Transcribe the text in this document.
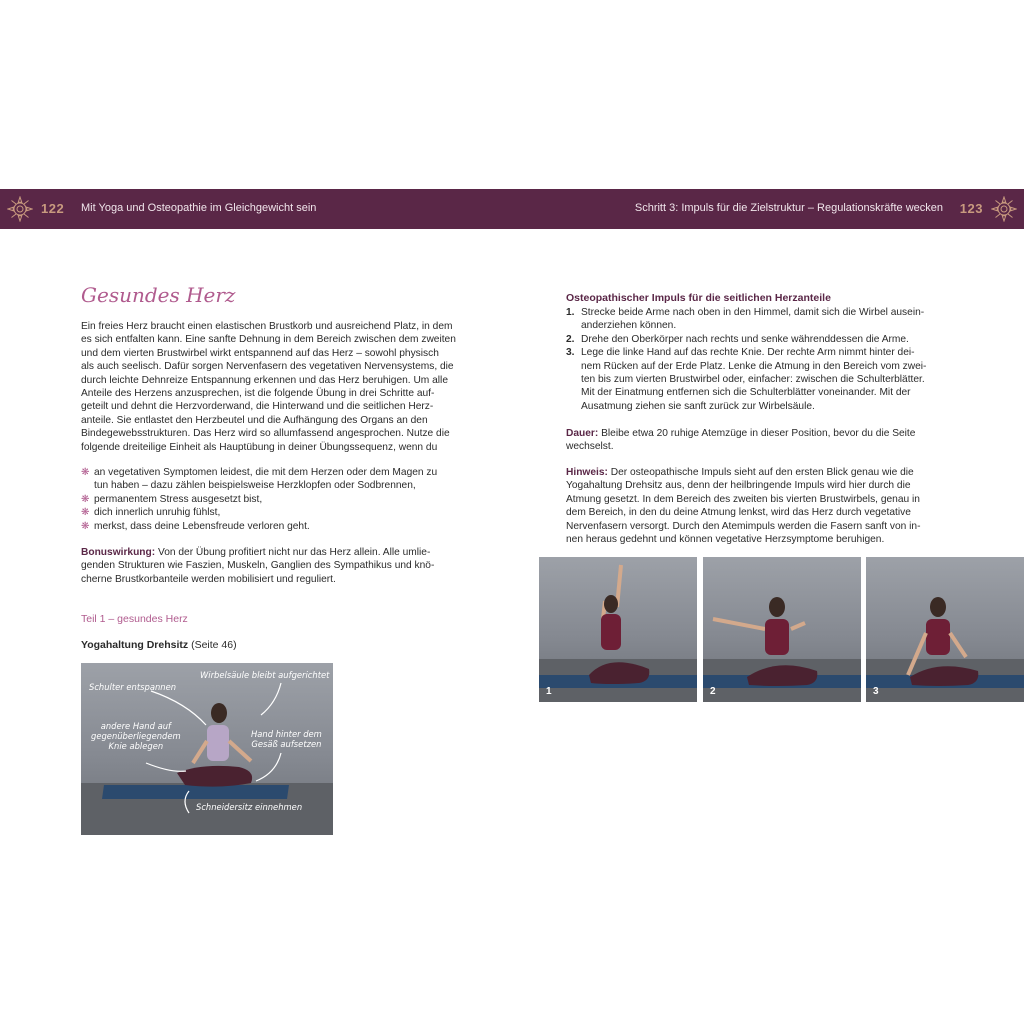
122 Mit Yoga und Osteopathie im Gleichgewicht sein	Schritt 3: Impuls für die Zielstruktur – Regulationskräfte wecken 123
Gesundes Herz

Ein freies Herz braucht einen elastischen Brustkorb und ausreichend Platz, in dem

es sich entfalten kann. Eine sanfte Dehnung in dem Bereich zwischen dem zweiten

und dem vierten Brustwirbel wirkt entspannend auf das Herz – sowohl physisch

als auch seelisch. Dafür sorgen Nervenfasern des vegetativen Nervensystems, die

durch leichte Dehnreize Entspannung erkennen und das Herz beruhigen. Um alle

Anteile des Herzens anzusprechen, ist die folgende Übung in drei Schritte auf-

geteilt und dehnt die Herzvorderwand, die Hinterwand und die seitlichen Herz-

anteile. Sie entlastet den Herzbeutel und die Aufhängung des Organs an den

Bindegewebsstrukturen. Das Herz wird so allumfassend angesprochen. Nutze die

folgende dreiteilige Einheit als Hauptübung in deiner Übungssequenz, wenn du

❋ an vegetativen Symptomen leidest, die mit dem Herzen oder dem Magen zu
tun haben – dazu zählen beispielsweise Herzklopfen oder Sodbrennen,
❋ permanentem Stress ausgesetzt bist,
❋ dich innerlich unruhig fühlst,
❋ merkst, dass deine Lebensfreude verloren geht.

Bonuswirkung: Von der Übung profitiert nicht nur das Herz allein. Alle umlie-

genden Strukturen wie Faszien, Muskeln, Ganglien des Sympathikus und knö-

cherne Brustkorbanteile werden mobilisiert und reguliert.

Teil 1 – gesundes Herz
Yogahaltung Drehsitz (Seite 46)
Schulter entspannen
Wirbelsäule bleibt aufgerichtet
andere Hand auf
gegenüberliegendem
Knie ablegen
Hand hinter dem
Gesäß aufsetzen
Schneidersitz einnehmen
Osteopathischer Impuls für die seitlichen Herzanteile
1. Strecke beide Arme nach oben in den Himmel, damit sich die Wirbel ausein-
anderziehen können.
2. Drehe den Oberkörper nach rechts und senke währenddessen die Arme.
3. Lege die linke Hand auf das rechte Knie. Der rechte Arm nimmt hinter dei-
nem Rücken auf der Erde Platz. Lenke die Atmung in den Bereich vom zwei-
ten bis zum vierten Brustwirbel oder, einfacher: zwischen die Schulterblätter.
Mit der Einatmung entfernen sich die Schulterblätter voneinander. Mit der
Ausatmung ziehen sie sanft zurück zur Wirbelsäule.

Dauer: Bleibe etwa 20 ruhige Atemzüge in dieser Position, bevor du die Seite

wechselst.

Hinweis: Der osteopathische Impuls sieht auf den ersten Blick genau wie die

Yogahaltung Drehsitz aus, denn der heilbringende Impuls wird hier durch die

Atmung gesetzt. In dem Bereich des zweiten bis vierten Brustwirbels, genau in

dem Bereich, in den du deine Atmung lenkst, wird das Herz durch vegetative

Nervenfasern versorgt. Durch den Atemimpuls werden die Fasern sanft von in-

nen heraus gedehnt und können vegetative Herzsymptome beruhigen.

1	2	3
